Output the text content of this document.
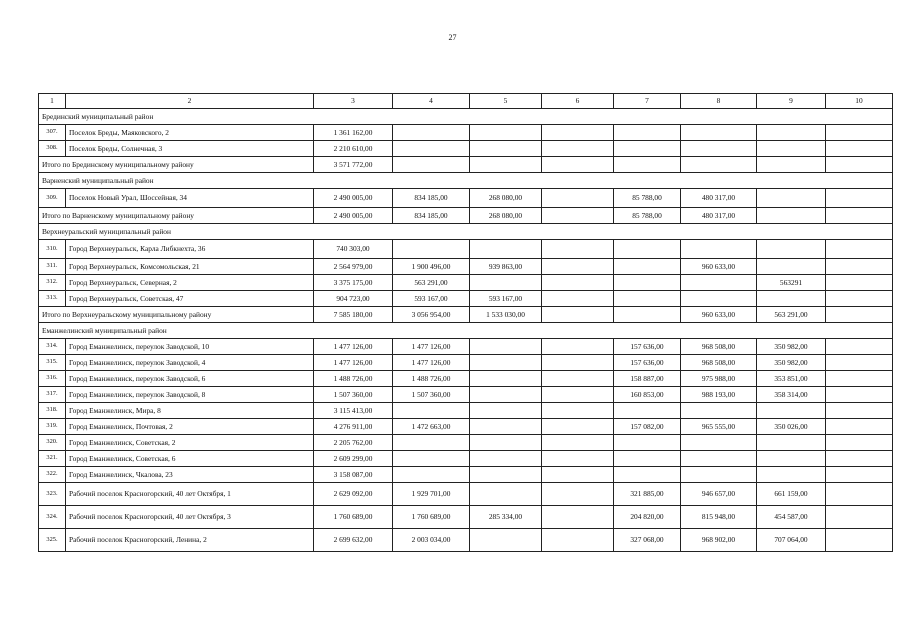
27
1	2	3	4	5	6	7	8	9	10
Брединский муниципальный район									
307.	Поселок Бреды, Маяковского, 2	1 361 162,00							
308.	Поселок Бреды, Солнечная, 3	2 210 610,00							
Итого по Брединскому муниципальному району		3 571 772,00							
Варненский муниципальный район									
309.	Поселок Новый Урал, Шоссейная, 34	2 490 005,00	834 185,00	268 080,00		85 788,00	480 317,00		
Итого по Варненскому муниципальному району		2 490 005,00	834 185,00	268 080,00		85 788,00	480 317,00		
Верхнеуральский муниципальный район									
310.	Город Верхнеуральск, Карла Либкнехта, 36	740 303,00							
311.	Город Верхнеуральск, Комсомольская, 21	2 564 979,00	1 900 496,00	939 863,00			960 633,00		
312.	Город Верхнеуральск, Северная, 2	3 375 175,00	563 291,00					563291	
313.	Город Верхнеуральск, Советская, 47	904 723,00	593 167,00	593 167,00					
Итого по Верхнеуральскому муниципальному району		7 585 180,00	3 056 954,00	1 533 030,00			960 633,00	563 291,00	
Еманжелинский муниципальный район									
314.	Город Еманжелинск, переулок Заводской, 10	1 477 126,00	1 477 126,00			157 636,00	968 508,00	350 982,00	
315.	Город Еманжелинск, переулок Заводской, 4	1 477 126,00	1 477 126,00			157 636,00	968 508,00	350 982,00	
316.	Город Еманжелинск, переулок Заводской, 6	1 488 726,00	1 488 726,00			158 887,00	975 988,00	353 851,00	
317.	Город Еманжелинск, переулок Заводской, 8	1 507 360,00	1 507 360,00			160 853,00	988 193,00	358 314,00	
318.	Город Еманжелинск, Мира, 8	3 115 413,00							
319.	Город Еманжелинск, Почтовая, 2	4 276 911,00	1 472 663,00			157 082,00	965 555,00	350 026,00	
320.	Город Еманжелинск, Советская, 2	2 205 762,00							
321.	Город Еманжелинск, Советская, 6	2 609 299,00							
322.	Город Еманжелинск, Чкалова, 23	3 158 087,00							
323.	Рабочий поселок Красногорский, 40 лет Октября, 1	2 629 092,00	1 929 701,00			321 885,00	946 657,00	661 159,00	
324.	Рабочий поселок Красногорский, 40 лет Октября, 3	1 760 689,00	1 760 689,00	285 334,00		204 820,00	815 948,00	454 587,00	
325.	Рабочий поселок Красногорский, Ленина, 2	2 699 632,00	2 003 034,00			327 068,00	968 902,00	707 064,00	
